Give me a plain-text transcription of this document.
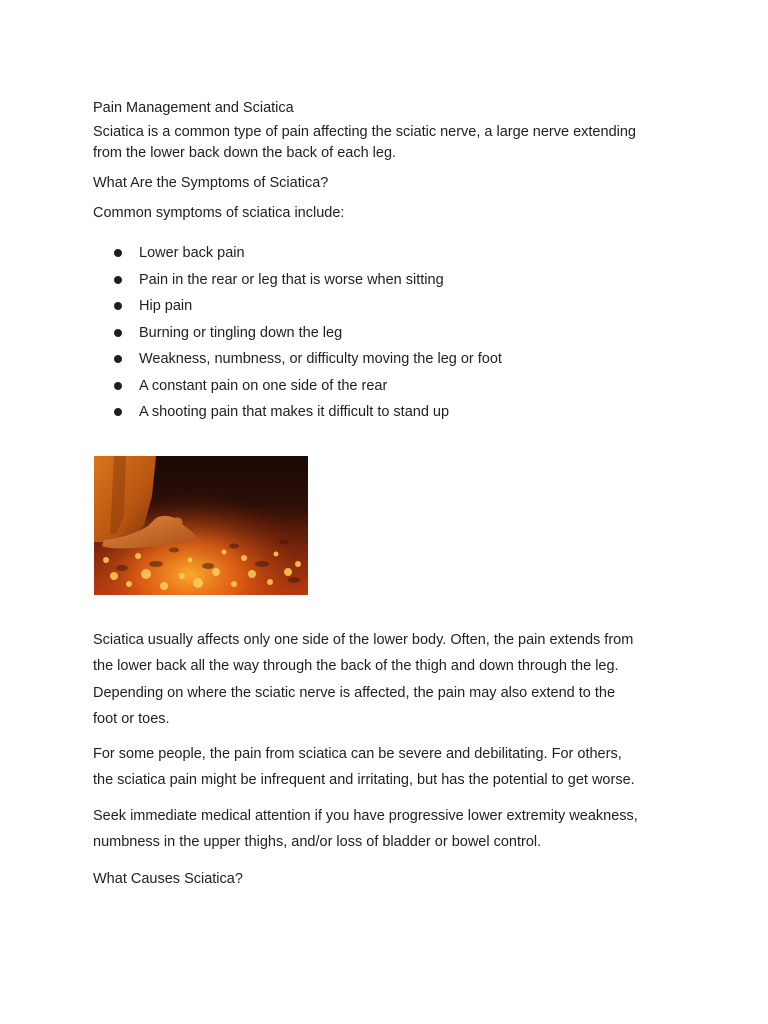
Pain Management and Sciatica

Sciatica is a common type of pain affecting the sciatic nerve, a large nerve extending

from the lower back down the back of each leg.

What Are the Symptoms of Sciatica?

Common symptoms of sciatica include:

Lower back pain
Pain in the rear or leg that is worse when sitting
Hip pain
Burning or tingling down the leg
Weakness, numbness, or difficulty moving the leg or foot
A constant pain on one side of the rear
A shooting pain that makes it difficult to stand up

Sciatica usually affects only one side of the lower body. Often, the pain extends from

the lower back all the way through the back of the thigh and down through the leg.

Depending on where the sciatic nerve is affected, the pain may also extend to the

foot or toes.

For some people, the pain from sciatica can be severe and debilitating. For others,

the sciatica pain might be infrequent and irritating, but has the potential to get worse.

Seek immediate medical attention if you have progressive lower extremity weakness,

numbness in the upper thighs, and/or loss of bladder or bowel control.

What Causes Sciatica?
